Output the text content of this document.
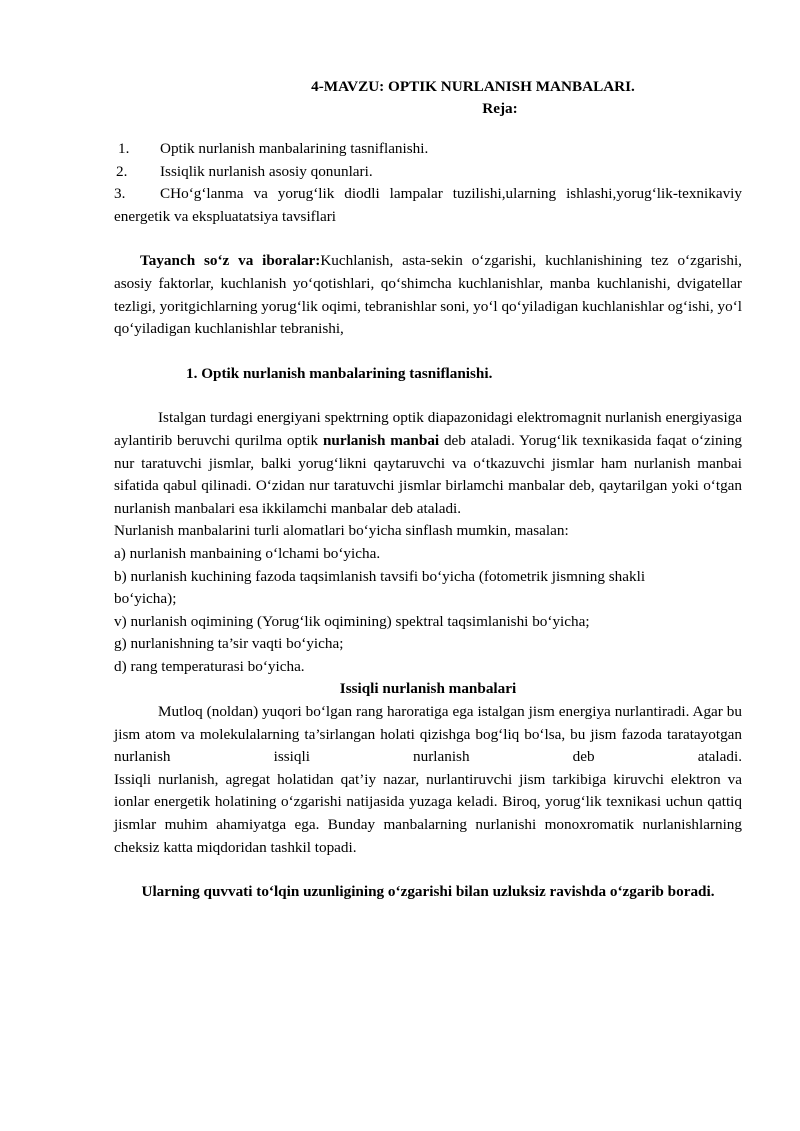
4-MAVZU: OPTIK NURLANISH MANBALARI.

Reja:

1. Optik nurlanish manbalarining tasniflanishi.

2. Issiqlik nurlanish asosiy qonunlari.

3. CHo‘g‘lanma va yorug‘lik diodli lampalar tuzilishi,ularning ishlashi,yorug‘lik-texnikaviy energetik va ekspluatatsiya tavsiflari

Tayanch so‘z va iboralar:Kuchlanish, asta-sekin o‘zgarishi, kuchlanishining tez o‘zgarishi, asosiy faktorlar, kuchlanish yo‘qotishlari, qo‘shimcha kuchlanishlar, manba kuchlanishi, dvigatellar tezligi, yoritgichlarning yorug‘lik oqimi, tebranishlar soni, yo‘l qo‘yiladigan kuchlanishlar og‘ishi, yo‘l qo‘yiladigan kuchlanishlar tebranishi,

1. Optik nurlanish manbalarining tasniflanishi.

Istalgan turdagi energiyani spektrning optik diapazonidagi elektromagnit nurlanish energiyasiga aylantirib beruvchi qurilma optik nurlanish manbai deb ataladi. Yorug‘lik texnikasida faqat o‘zining nur taratuvchi jismlar, balki yorug‘likni qaytaruvchi va o‘tkazuvchi jismlar ham nurlanish manbai sifatida qabul qilinadi. O‘zidan nur taratuvchi jismlar birlamchi manbalar deb, qaytarilgan yoki o‘tgan nurlanish manbalari esa ikkilamchi manbalar deb ataladi.

Nurlanish manbalarini turli alomatlari bo‘yicha sinflash mumkin, masalan:

a) nurlanish manbaining o‘lchami bo‘yicha.

b) nurlanish kuchining fazoda taqsimlanish tavsifi bo‘yicha (fotometrik jismning shakli bo‘yicha);

v) nurlanish oqimining (Yorug‘lik oqimining) spektral taqsimlanishi bo‘yicha;

g) nurlanishning ta’sir vaqti bo‘yicha;

d) rang temperaturasi bo‘yicha.

Issiqli nurlanish manbalari

Mutloq (noldan) yuqori bo‘lgan rang haroratiga ega istalgan jism energiya nurlantiradi. Agar bu jism atom va molekulalarning ta’sirlangan holati qizishga bog‘liq bo‘lsa, bu jism fazoda taratayotgan nurlanish issiqli nurlanish deb ataladi.

Issiqli nurlanish, agregat holatidan qat’iy nazar, nurlantiruvchi jism tarkibiga kiruvchi elektron va ionlar energetik holatining o‘zgarishi natijasida yuzaga keladi. Biroq, yorug‘lik texnikasi uchun qattiq jismlar muhim ahamiyatga ega. Bunday manbalarning nurlanishi monoxromatik nurlanishlarning cheksiz katta miqdoridan tashkil topadi.

Ularning quvvati to‘lqin uzunligining o‘zgarishi bilan uzluksiz ravishda o‘zgarib boradi.
